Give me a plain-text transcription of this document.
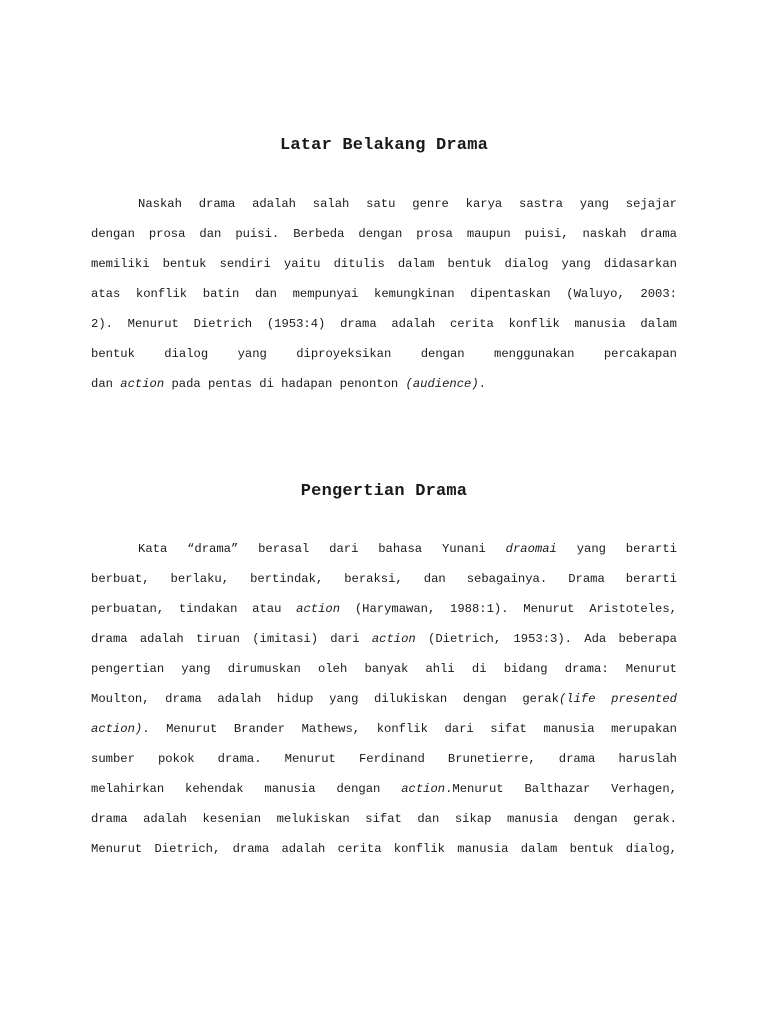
Latar Belakang Drama

Naskah drama adalah salah satu genre karya sastra yang sejajar

dengan prosa dan puisi. Berbeda dengan prosa maupun puisi, naskah drama

memiliki bentuk sendiri yaitu ditulis dalam bentuk dialog yang didasarkan

atas konflik batin dan mempunyai kemungkinan dipentaskan (Waluyo, 2003:

2). Menurut Dietrich (1953:4) drama adalah cerita konflik manusia dalam

bentuk dialog yang diproyeksikan dengan menggunakan percakapan

dan action pada pentas di hadapan penonton (audience).

Pengertian Drama

Kata “drama” berasal dari bahasa Yunani draomai yang berarti

berbuat, berlaku, bertindak, beraksi, dan sebagainya. Drama berarti

perbuatan, tindakan atau action (Harymawan, 1988:1). Menurut Aristoteles,

drama adalah tiruan (imitasi) dari action (Dietrich, 1953:3). Ada beberapa

pengertian yang dirumuskan oleh banyak ahli di bidang drama: Menurut

Moulton, drama adalah hidup yang dilukiskan dengan gerak(life presented

action). Menurut Brander Mathews, konflik dari sifat manusia merupakan

sumber pokok drama. Menurut Ferdinand Brunetierre, drama haruslah

melahirkan kehendak manusia dengan action.Menurut Balthazar Verhagen,

drama adalah kesenian melukiskan sifat dan sikap manusia dengan gerak.

Menurut Dietrich, drama adalah cerita konflik manusia dalam bentuk dialog,
